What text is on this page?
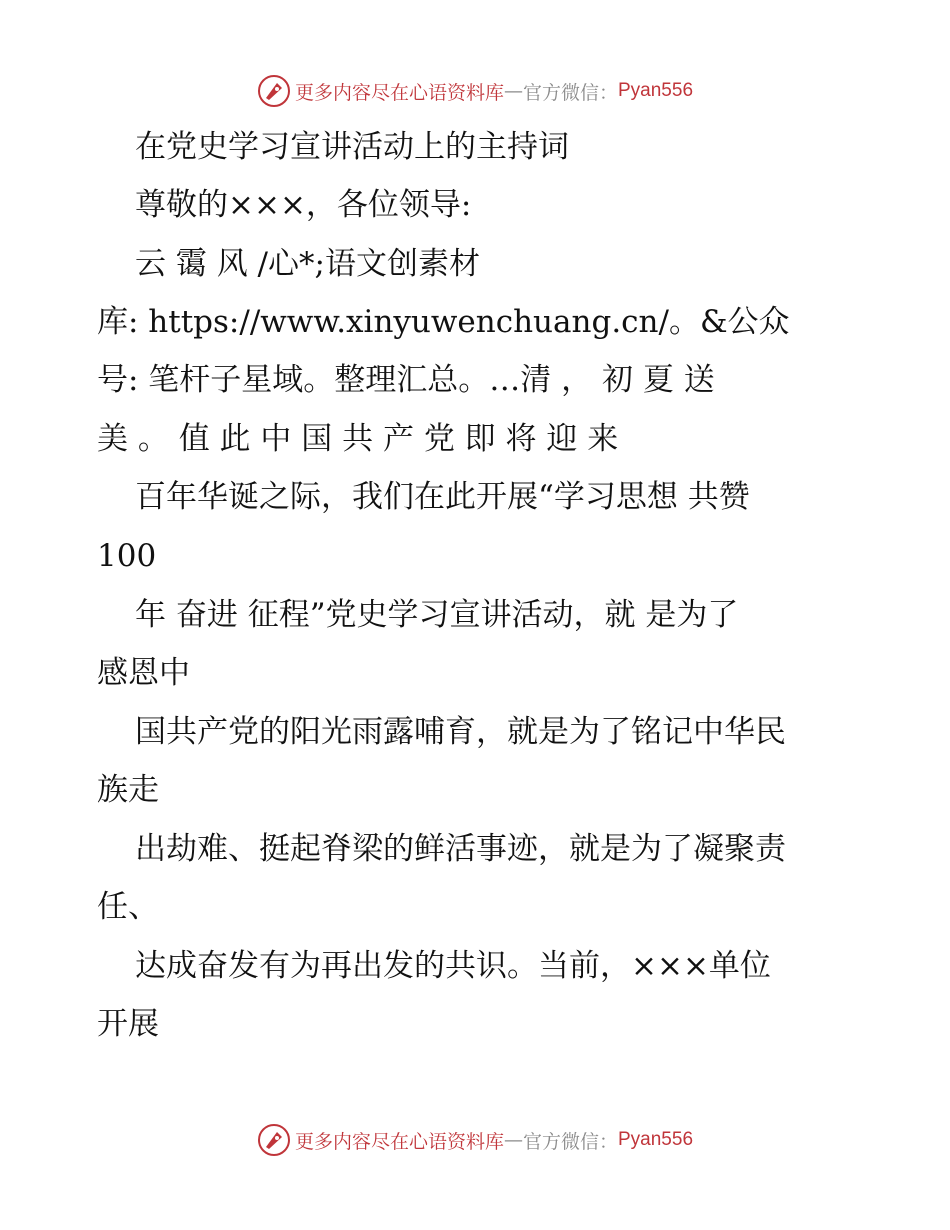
更多内容尽在心语资料库 — 官方微信： Pyan556
在党史学习宣讲活动上的主持词
尊敬的×××，各位领导:
云 霭 风 /心*;语文创素材
库: https://www.xinyuwenchuang.cn/。&公众
号: 笔杆子星域。整理汇总。…清 ， 初 夏 送
美 。 值 此 中 国 共 产 党 即 将 迎 来
百年华诞之际，我们在此开展“学习思想 共赞
100
年 奋进 征程”党史学习宣讲活动，就 是为了
感恩中
国共产党的阳光雨露哺育，就是为了铭记中华民
族走
出劫难、挺起脊梁的鲜活事迹，就是为了凝聚责
任、
达成奋发有为再出发的共识。当前，×××单位
开展
更多内容尽在心语资料库 — 官方微信： Pyan556
